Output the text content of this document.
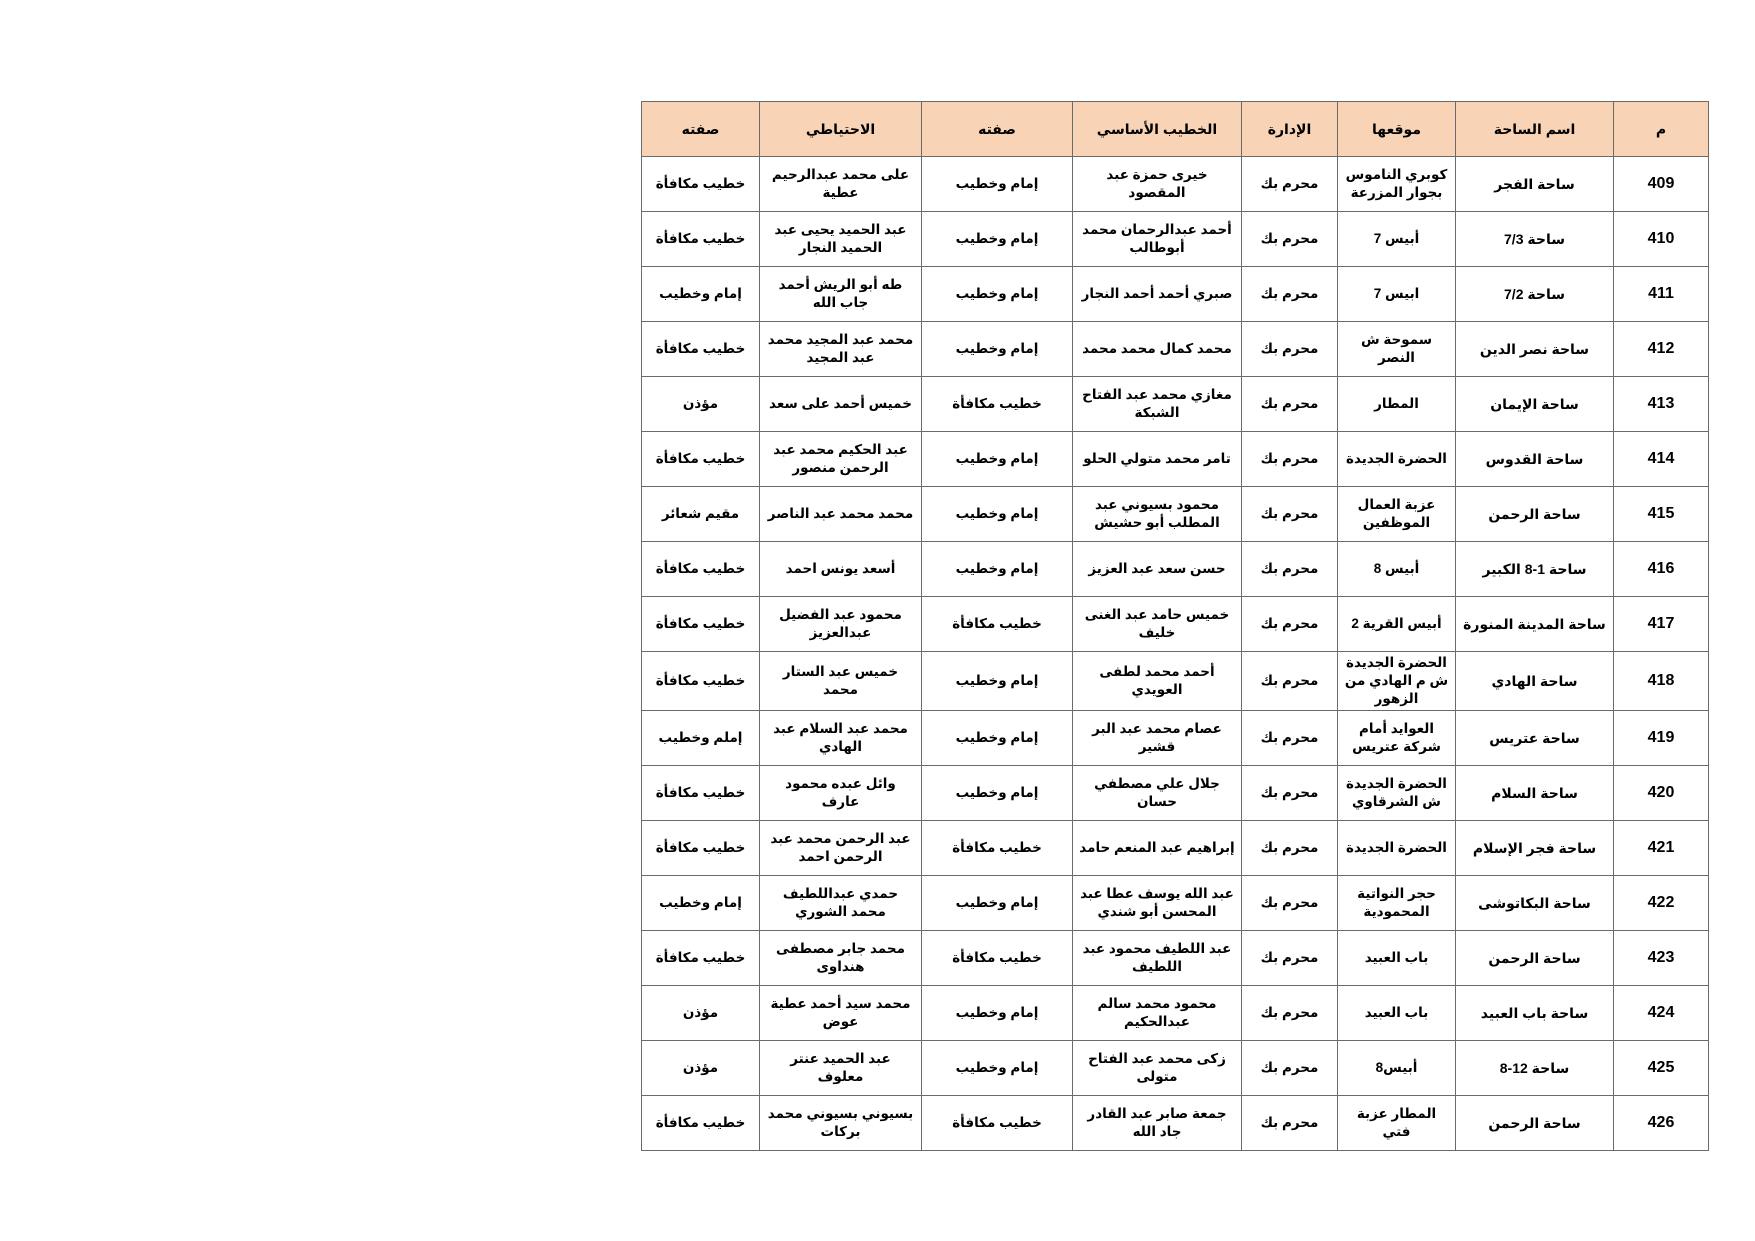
م	اسم الساحة	موقعها	الإدارة	الخطيب الأساسي	صفته	الاحتياطي	صفته
409	ساحة الفجر	كوبري الناموس بجوار المزرعة	محرم بك	خيرى حمزة عبد المقصود	إمام وخطيب	على محمد عبدالرحيم عطية	خطيب مكافأة
410	ساحة 7/3	أبيس 7	محرم بك	أحمد عبدالرحمان محمد أبوطالب	إمام وخطيب	عبد الحميد يحيى عبد الحميد النجار	خطيب مكافأة
411	ساحة 7/2	ابيس 7	محرم بك	صبري أحمد أحمد النجار	إمام وخطيب	طه أبو الريش أحمد جاب الله	إمام وخطيب
412	ساحة نصر الدين	سموحة ش النصر	محرم بك	محمد كمال محمد محمد	إمام وخطيب	محمد عبد المجيد محمد عبد المجيد	خطيب مكافأة
413	ساحة الإيمان	المطار	محرم بك	مغازي محمد عبد الفتاح الشبكة	خطيب مكافأة	خميس أحمد على سعد	مؤذن
414	ساحة القدوس	الحضرة الجديدة	محرم بك	تامر محمد متولي الحلو	إمام وخطيب	عبد الحكيم محمد عبد الرحمن منصور	خطيب مكافأة
415	ساحة الرحمن	عزبة العمال الموظفين	محرم بك	محمود بسيوني عبد المطلب أبو حشيش	إمام وخطيب	محمد محمد عبد الناصر	مقيم شعائر
416	ساحة 1-8 الكبير	أبيس 8	محرم بك	حسن سعد عبد العزيز	إمام وخطيب	أسعد يونس احمد	خطيب مكافأة
417	ساحة المدينة المنورة	أبيس القرية 2	محرم بك	خميس حامد عبد الغنى خليف	خطيب مكافأة	محمود عبد الفضيل عبدالعزيز	خطيب مكافأة
418	ساحة الهادي	الحضرة الجديدة ش م الهادي من الزهور	محرم بك	أحمد محمد لطفى العويدي	إمام وخطيب	خميس عبد الستار محمد	خطيب مكافأة
419	ساحة عتريس	العوايد أمام شركة عتريس	محرم بك	عصام محمد عبد البر قشير	إمام وخطيب	محمد عبد السلام عبد الهادي	إملم وخطيب
420	ساحة السلام	الحضرة الجديدة ش الشرقاوي	محرم بك	جلال علي مصطفي حسان	إمام وخطيب	وائل عبده محمود عارف	خطيب مكافأة
421	ساحة فجر الإسلام	الحضرة الجديدة	محرم بك	إبراهيم عبد المنعم حامد	خطيب مكافأة	عبد الرحمن محمد عبد الرحمن احمد	خطيب مكافأة
422	ساحة البكاتوشى	حجر النواتية المحمودية	محرم بك	عبد الله يوسف عطا عبد المحسن أبو شندي	إمام وخطيب	حمدي عبداللطيف محمد الشوري	إمام وخطيب
423	ساحة الرحمن	باب العبيد	محرم بك	عبد اللطيف محمود عبد اللطيف	خطيب مكافأة	محمد جابر مصطفى هنداوى	خطيب مكافأة
424	ساحة باب العبيد	باب العبيد	محرم بك	محمود محمد سالم عبدالحكيم	إمام وخطيب	محمد سيد أحمد عطية عوض	مؤذن
425	ساحة 12-8	أبيس8	محرم بك	زكى محمد عبد الفتاح متولى	إمام وخطيب	عبد الحميد عنتر معلوف	مؤذن
426	ساحة الرحمن	المطار عزبة فتي	محرم بك	جمعة صابر عبد القادر جاد الله	خطيب مكافأة	بسيوني بسيوني محمد بركات	خطيب مكافأة
